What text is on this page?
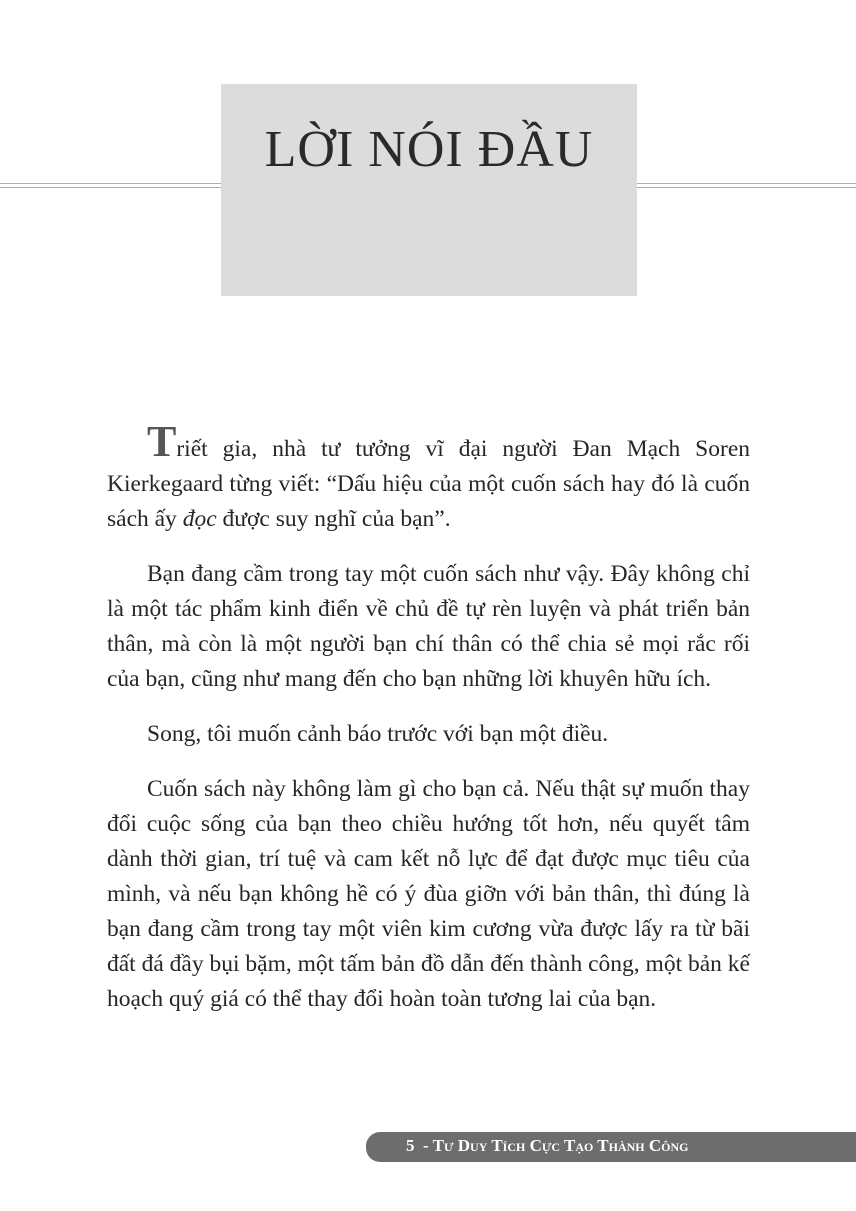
LỜI NÓI ĐẦU

Triết gia, nhà tư tưởng vĩ đại người Đan Mạch Soren Kierkegaard từng viết: “Dấu hiệu của một cuốn sách hay đó là cuốn sách ấy đọc được suy nghĩ của bạn”.

Bạn đang cầm trong tay một cuốn sách như vậy. Đây không chỉ là một tác phẩm kinh điển về chủ đề tự rèn luyện và phát triển bản thân, mà còn là một người bạn chí thân có thể chia sẻ mọi rắc rối của bạn, cũng như mang đến cho bạn những lời khuyên hữu ích.

Song, tôi muốn cảnh báo trước với bạn một điều.

Cuốn sách này không làm gì cho bạn cả. Nếu thật sự muốn thay đổi cuộc sống của bạn theo chiều hướng tốt hơn, nếu quyết tâm dành thời gian, trí tuệ và cam kết nỗ lực để đạt được mục tiêu của mình, và nếu bạn không hề có ý đùa giỡn với bản thân, thì đúng là bạn đang cầm trong tay một viên kim cương vừa được lấy ra từ bãi đất đá đầy bụi bặm, một tấm bản đồ dẫn đến thành công, một bản kế hoạch quý giá có thể thay đổi hoàn toàn tương lai của bạn.

5 - Tư Duy Tích Cực Tạo Thành Công
